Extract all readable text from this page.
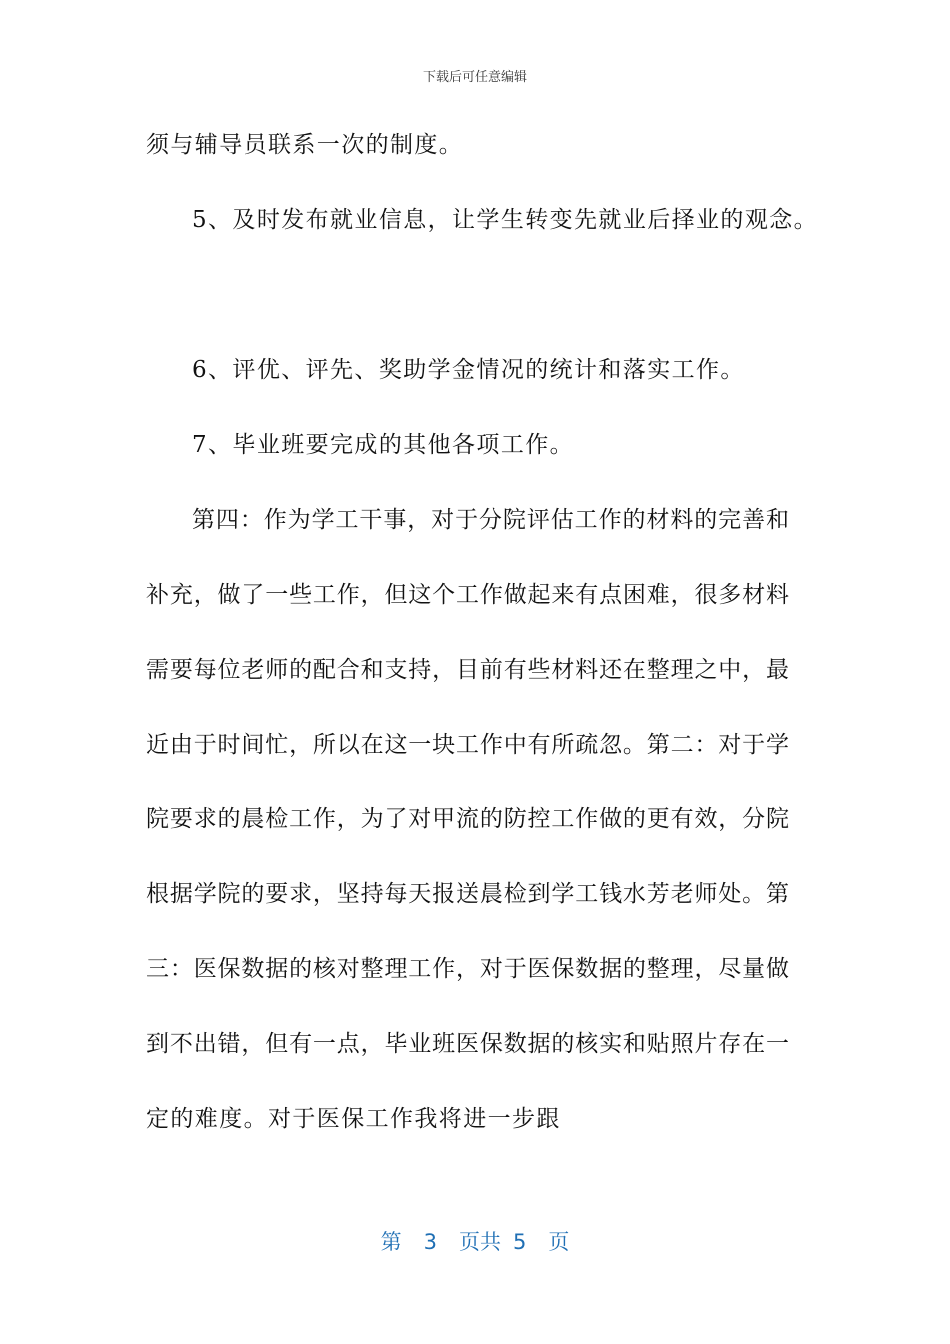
下载后可任意编辑
须与辅导员联系一次的制度。
5、及时发布就业信息，让学生转变先就业后择业的观念。
6、评优、评先、奖助学金情况的统计和落实工作。
7、毕业班要完成的其他各项工作。
第四：作为学工干事，对于分院评估工作的材料的完善和
补充，做了一些工作，但这个工作做起来有点困难，很多材料
需要每位老师的配合和支持，目前有些材料还在整理之中，最
近由于时间忙，所以在这一块工作中有所疏忽。第二：对于学
院要求的晨检工作，为了对甲流的防控工作做的更有效，分院
根据学院的要求，坚持每天报送晨检到学工钱水芳老师处。第
三：医保数据的核对整理工作，对于医保数据的整理，尽量做
到不出错，但有一点，毕业班医保数据的核实和贴照片存在一
定的难度。对于医保工作我将进一步跟
第 3 页共 5 页
